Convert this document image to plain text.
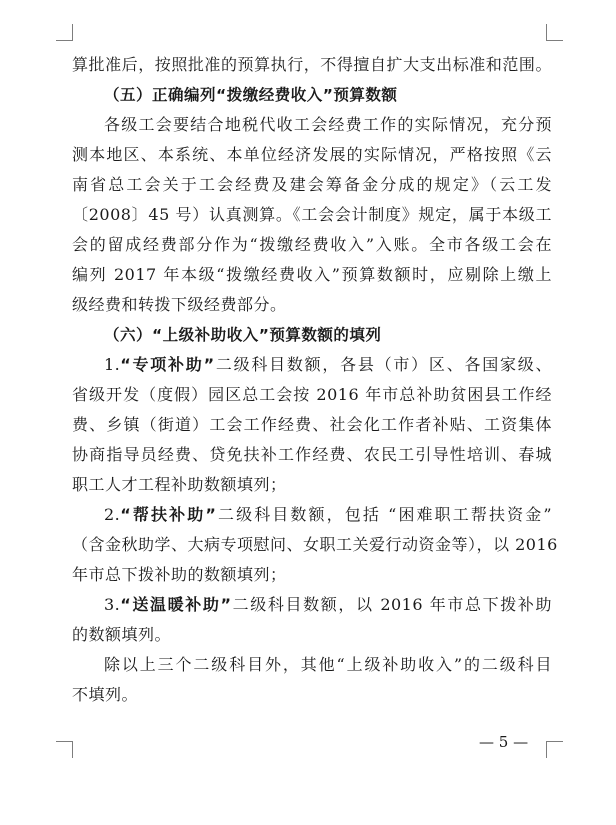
算批准后，按照批准的预算执行，不得擅自扩大支出标准和范围。
（五）正确编列“拨缴经费收入”预算数额
各级工会要结合地税代收工会经费工作的实际情况，充分预
测本地区、本系统、本单位经济发展的实际情况，严格按照《云
南省总工会关于工会经费及建会筹备金分成的规定》（云工发
〔2008〕45 号）认真测算。《工会会计制度》规定，属于本级工
会的留成经费部分作为“拨缴经费收入”入账。全市各级工会在
编列 2017 年本级“拨缴经费收入”预算数额时，应剔除上缴上
级经费和转拨下级经费部分。
（六）“上级补助收入”预算数额的填列
1.“专项补助”二级科目数额，各县（市）区、各国家级、
省级开发（度假）园区总工会按 2016 年市总补助贫困县工作经
费、乡镇（街道）工会工作经费、社会化工作者补贴、工资集体
协商指导员经费、贷免扶补工作经费、农民工引导性培训、春城
职工人才工程补助数额填列；
2.“帮扶补助”二级科目数额，包括 “困难职工帮扶资金”
（含金秋助学、大病专项慰问、女职工关爱行动资金等），以 2016
年市总下拨补助的数额填列；
3.“送温暖补助”二级科目数额，以 2016 年市总下拨补助
的数额填列。
除以上三个二级科目外，其他“上级补助收入”的二级科目
不填列。
— 5 —
